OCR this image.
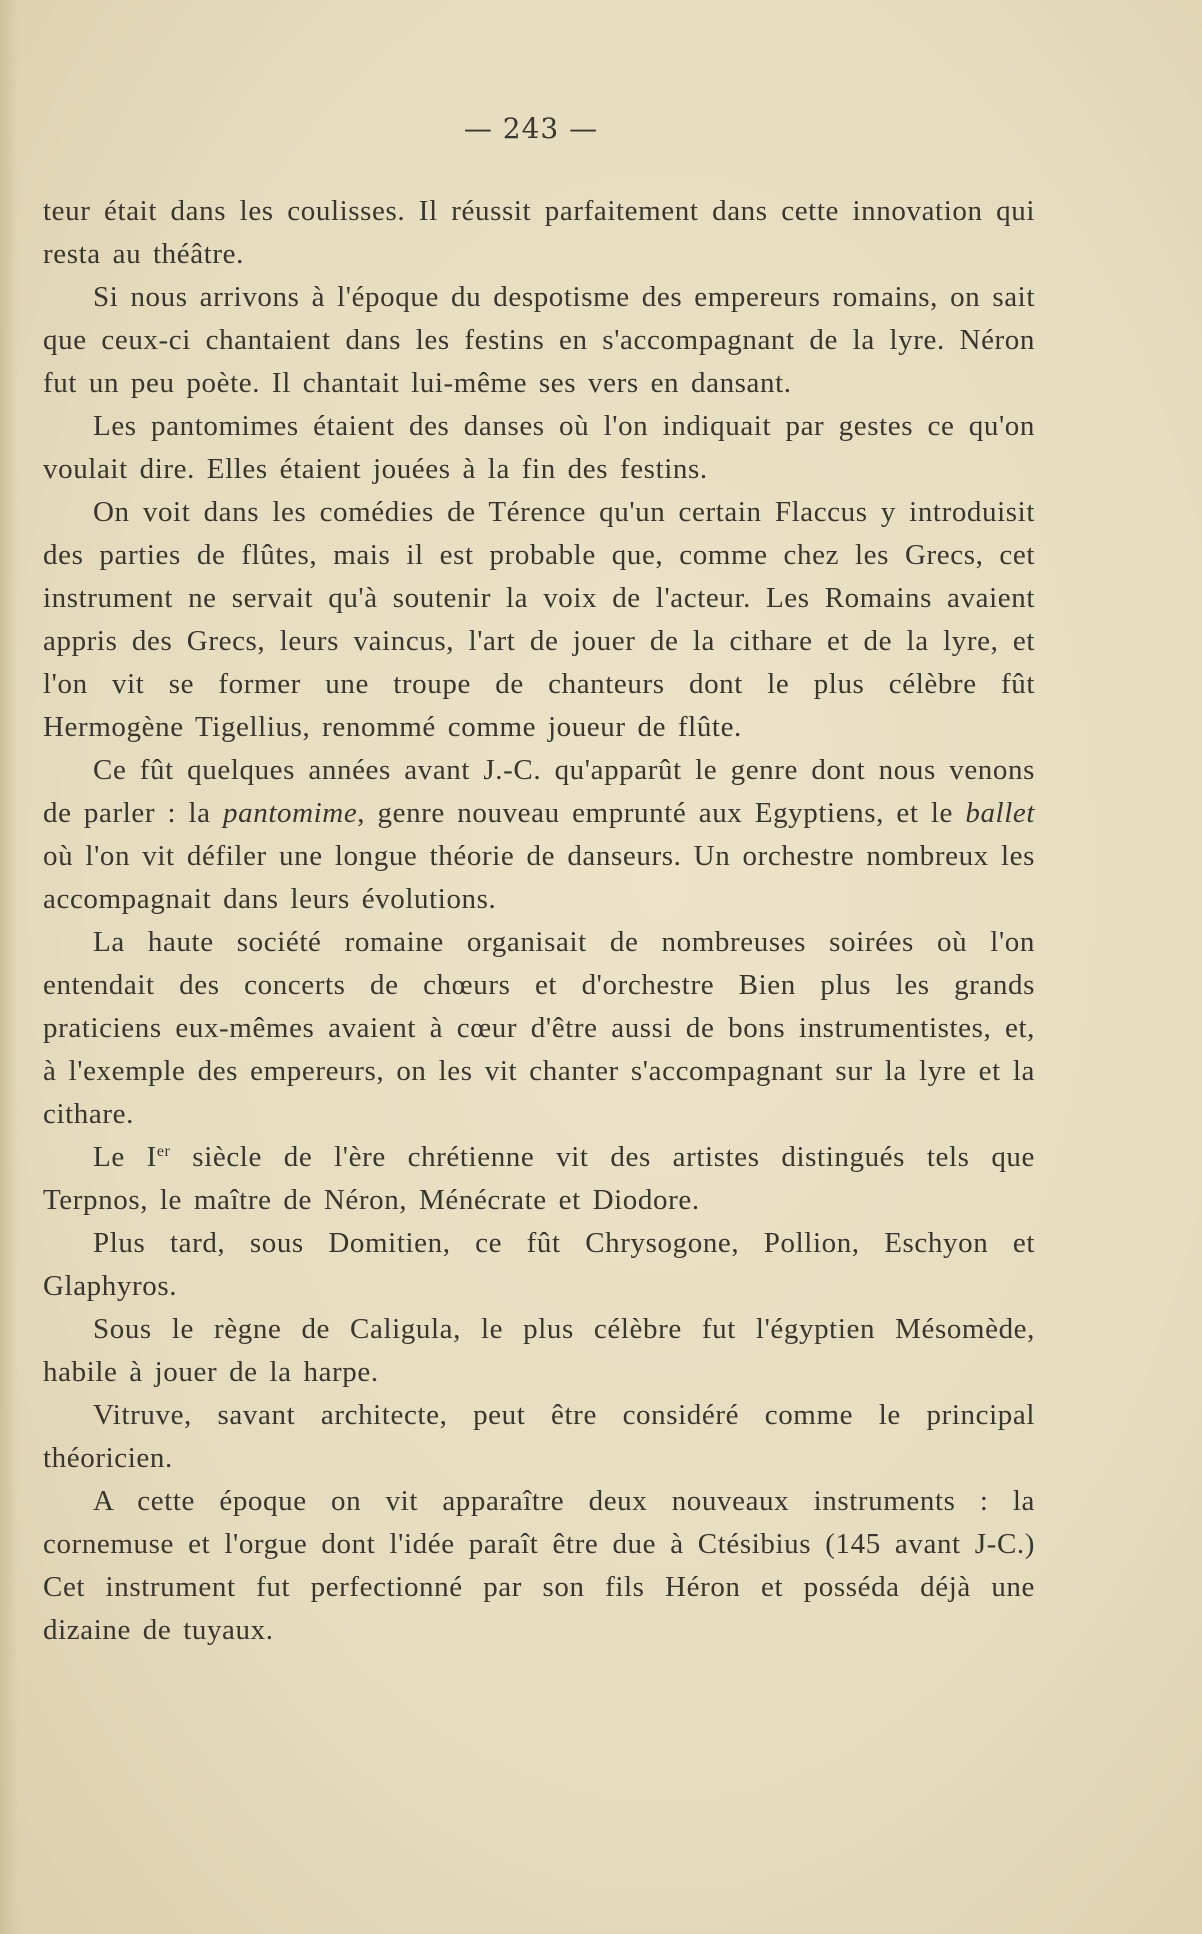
— 243 —

teur était dans les coulisses. Il réussit parfaitement dans cette innovation qui resta au théâtre.

Si nous arrivons à l'époque du despotisme des empereurs romains, on sait que ceux-ci chantaient dans les festins en s'accompagnant de la lyre. Néron fut un peu poète. Il chantait lui-même ses vers en dansant.

Les pantomimes étaient des danses où l'on indiquait par gestes ce qu'on voulait dire. Elles étaient jouées à la fin des festins.

On voit dans les comédies de Térence qu'un certain Flaccus y introduisit des parties de flûtes, mais il est probable que, comme chez les Grecs, cet instrument ne servait qu'à soutenir la voix de l'acteur. Les Romains avaient appris des Grecs, leurs vaincus, l'art de jouer de la cithare et de la lyre, et l'on vit se former une troupe de chanteurs dont le plus célèbre fût Hermogène Tigellius, renommé comme joueur de flûte.

Ce fût quelques années avant J.-C. qu'apparût le genre dont nous venons de parler : la pantomime, genre nouveau emprunté aux Egyptiens, et le ballet où l'on vit défiler une longue théorie de danseurs. Un orchestre nombreux les accompagnait dans leurs évolutions.

La haute société romaine organisait de nombreuses soirées où l'on entendait des concerts de chœurs et d'orchestre Bien plus les grands praticiens eux-mêmes avaient à cœur d'être aussi de bons instrumentistes, et, à l'exemple des empereurs, on les vit chanter s'accompagnant sur la lyre et la cithare.

Le Ier siècle de l'ère chrétienne vit des artistes distingués tels que Terpnos, le maître de Néron, Ménécrate et Diodore.

Plus tard, sous Domitien, ce fût Chrysogone, Pollion, Eschyon et Glaphyros.

Sous le règne de Caligula, le plus célèbre fut l'égyptien Mésomède, habile à jouer de la harpe.

Vitruve, savant architecte, peut être considéré comme le principal théoricien.

A cette époque on vit apparaître deux nouveaux instruments : la cornemuse et l'orgue dont l'idée paraît être due à Ctésibius (145 avant J-C.) Cet instrument fut perfectionné par son fils Héron et posséda déjà une dizaine de tuyaux.
